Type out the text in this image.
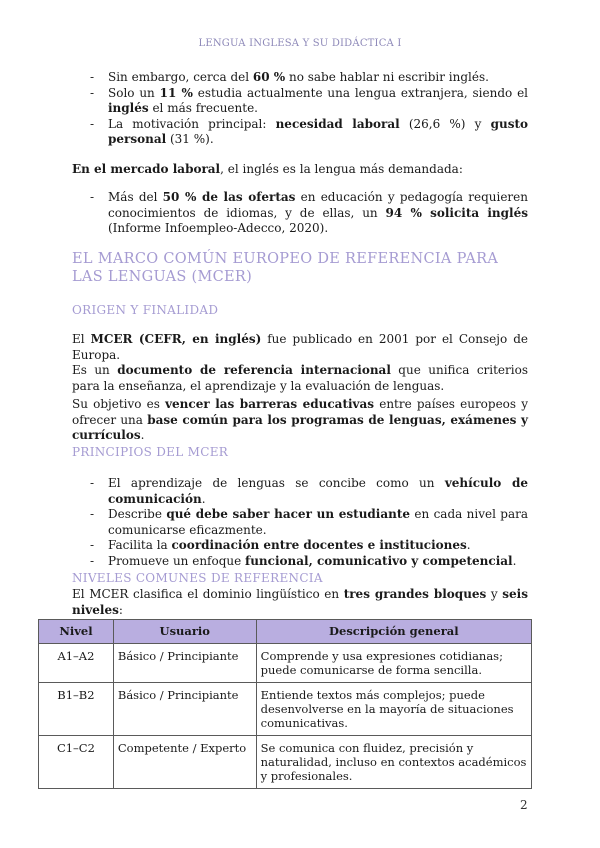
LENGUA INGLESA Y SU DIDÁCTICA I
- Sin embargo, cerca del 60 % no sabe hablar ni escribir inglés.
- Solo un 11 % estudia actualmente una lengua extranjera, siendo el inglés el más frecuente.
- La motivación principal: necesidad laboral (26,6 %) y gusto personal (31 %).

En el mercado laboral, el inglés es la lengua más demandada:

- Más del 50 % de las ofertas en educación y pedagogía requieren conocimientos de idiomas, y de ellas, un 94 % solicita inglés (Informe Infoempleo-Adecco, 2020).
EL MARCO COMÚN EUROPEO DE REFERENCIA PARA LAS LENGUAS (MCER)
ORIGEN Y FINALIDAD

El MCER (CEFR, en inglés) fue publicado en 2001 por el Consejo de Europa.
Es un documento de referencia internacional que unifica criterios para la enseñanza, el aprendizaje y la evaluación de lenguas.

Su objetivo es vencer las barreras educativas entre países europeos y ofrecer una base común para los programas de lenguas, exámenes y currículos.

PRINCIPIOS DEL MCER
- El aprendizaje de lenguas se concibe como un vehículo de comunicación.
- Describe qué debe saber hacer un estudiante en cada nivel para comunicarse eficazmente.
- Facilita la coordinación entre docentes e instituciones.
- Promueve un enfoque funcional, comunicativo y competencial.
NIVELES COMUNES DE REFERENCIA

El MCER clasifica el dominio lingüístico en tres grandes bloques y seis niveles:

Nivel	Usuario	Descripción general
A1–A2	Básico / Principiante	Comprende y usa expresiones cotidianas; puede comunicarse de forma sencilla.
B1–B2	Básico / Principiante	Entiende textos más complejos; puede desenvolverse en la mayoría de situaciones comunicativas.
C1–C2	Competente / Experto	Se comunica con fluidez, precisión y naturalidad, incluso en contextos académicos y profesionales.
2
